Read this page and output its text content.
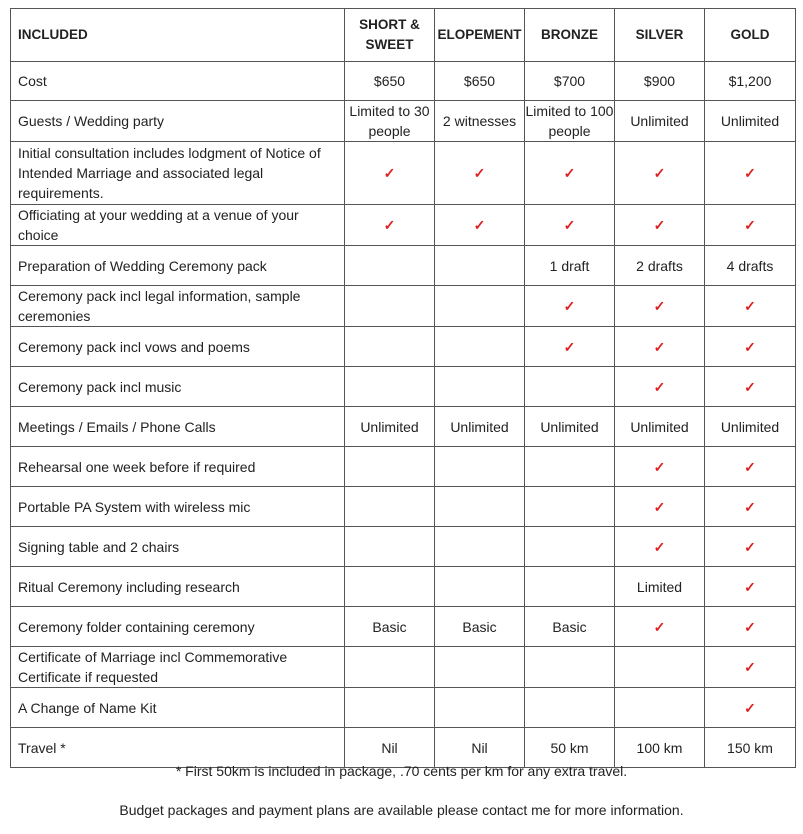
INCLUDED	SHORT & SWEET	ELOPEMENT	BRONZE	SILVER	GOLD
Cost	$650	$650	$700	$900	$1,200
Guests / Wedding party	Limited to 30 people	2 witnesses	Limited to 100 people	Unlimited	Unlimited
Initial consultation includes lodgment of Notice of Intended Marriage and associated legal requirements.	✓	✓	✓	✓	✓
Officiating at your wedding at a venue of your choice	✓	✓	✓	✓	✓
Preparation of Wedding Ceremony pack			1 draft	2 drafts	4 drafts
Ceremony pack incl legal information, sample ceremonies			✓	✓	✓
Ceremony pack incl vows and poems			✓	✓	✓
Ceremony pack incl music				✓	✓
Meetings / Emails / Phone Calls	Unlimited	Unlimited	Unlimited	Unlimited	Unlimited
Rehearsal one week before if required				✓	✓
Portable PA System with wireless mic				✓	✓
Signing table and 2 chairs				✓	✓
Ritual Ceremony including research				Limited	✓
Ceremony folder containing ceremony	Basic	Basic	Basic	✓	✓
Certificate of Marriage incl Commemorative Certificate if requested					✓
A Change of Name Kit					✓
Travel *	Nil	Nil	50 km	100 km	150 km
* First 50km is included in package, .70 cents per km for any extra travel.
Budget packages and payment plans are available please contact me for more information.
